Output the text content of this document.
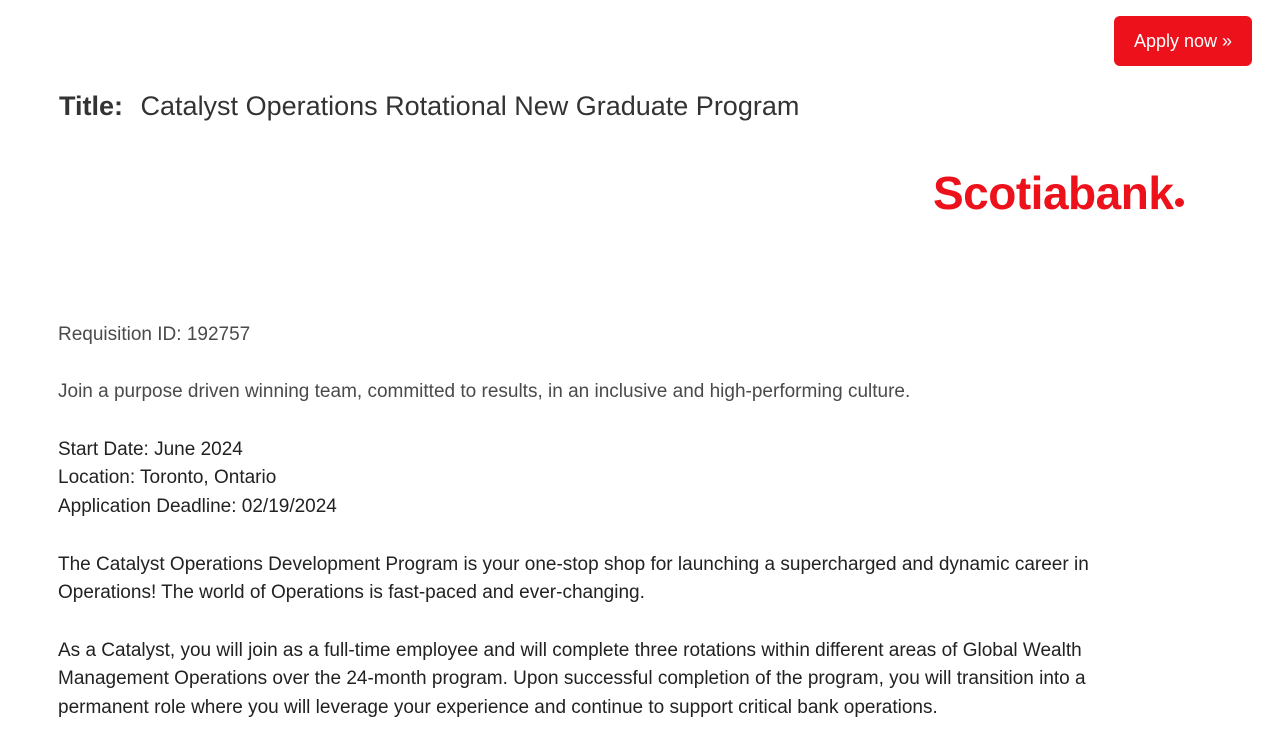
Apply now »
Title: Catalyst Operations Rotational New Graduate Program
Scotiabank

Requisition ID: 192757

Join a purpose driven winning team, committed to results, in an inclusive and high-performing culture.

Start Date: June 2024
Location: Toronto, Ontario
Application Deadline: 02/19/2024

The Catalyst Operations Development Program is your one-stop shop for launching a supercharged and dynamic career in Operations! The world of Operations is fast-paced and ever-changing.

As a Catalyst, you will join as a full-time employee and will complete three rotations within different areas of Global Wealth Management Operations over the 24-month program. Upon successful completion of the program, you will transition into a permanent role where you will leverage your experience and continue to support critical bank operations.
